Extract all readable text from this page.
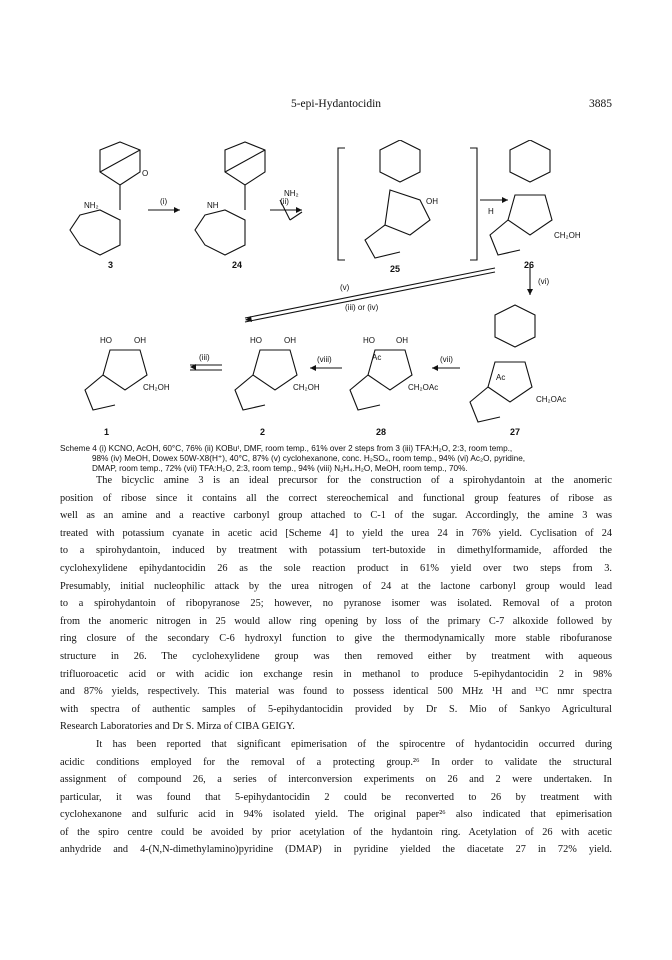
5-epi-Hydantocidin	3885
NH₂
O
NH
NH₂
OH
CH₂OH
H
Ac
CH₂OAc
HO	OH
Ac
CH₂OAc
HO	OH
CH₂OH
HO	OH
CH₂OH
(i)	(ii)
(vi)
(v)
(iii) or (iv)
(iii)	(viii)	(vii)
3	24	25	26
1	2	28	27
Scheme 4 (i) KCNO, AcOH, 60°C, 76% (ii) KOBuᵗ, DMF, room temp., 61% over 2 steps from 3 (iii) TFA:H₂O, 2:3, room temp.,
98% (iv) MeOH, Dowex 50W-X8(H⁺), 40°C, 87% (v) cyclohexanone, conc. H₂SO₄, room temp., 94% (vi) Ac₂O, pyridine,
DMAP, room temp., 72% (vii) TFA:H₂O, 2:3, room temp., 94% (viii) N₂H₄.H₂O, MeOH, room temp., 70%.
The bicyclic amine 3 is an ideal precursor for the construction of a spirohydantoin at the anomeric
position of ribose since it contains all the correct stereochemical and functional group features of ribose as
well as an amine and a reactive carbonyl group attached to C-1 of the sugar. Accordingly, the amine 3 was
treated with potassium cyanate in acetic acid [Scheme 4] to yield the urea 24 in 76% yield. Cyclisation of 24
to a spirohydantoin, induced by treatment with potassium tert-butoxide in dimethylformamide, afforded the
cyclohexylidene epihydantocidin 26 as the sole reaction product in 61% yield over two steps from 3.
Presumably, initial nucleophilic attack by the urea nitrogen of 24 at the lactone carbonyl group would lead
to a spirohydantoin of ribopyranose 25; however, no pyranose isomer was isolated. Removal of a proton
from the anomeric nitrogen in 25 would allow ring opening by loss of the primary C-7 alkoxide followed by
ring closure of the secondary C-6 hydroxyl function to give the thermodynamically more stable ribofuranose
structure in 26. The cyclohexylidene group was then removed either by treatment with aqueous
trifluoroacetic acid or with acidic ion exchange resin in methanol to produce 5-epihydantocidin 2 in 98%
and 87% yields, respectively. This material was found to possess identical 500 MHz ¹H and ¹³C nmr spectra
with spectra of authentic samples of 5-epihydantocidin provided by Dr S. Mio of Sankyo Agricultural
Research Laboratories and Dr S. Mirza of CIBA GEIGY.
It has been reported that significant epimerisation of the spirocentre of hydantocidin occurred during
acidic conditions employed for the removal of a protecting group.²⁶ In order to validate the structural
assignment of compound 26, a series of interconversion experiments on 26 and 2 were undertaken. In
particular, it was found that 5-epihydantocidin 2 could be reconverted to 26 by treatment with
cyclohexanone and sulfuric acid in 94% isolated yield. The original paper²⁶ also indicated that epimerisation
of the spiro centre could be avoided by prior acetylation of the hydantoin ring. Acetylation of 26 with acetic
anhydride and 4-(N,N-dimethylamino)pyridine (DMAP) in pyridine yielded the diacetate 27 in 72% yield.
